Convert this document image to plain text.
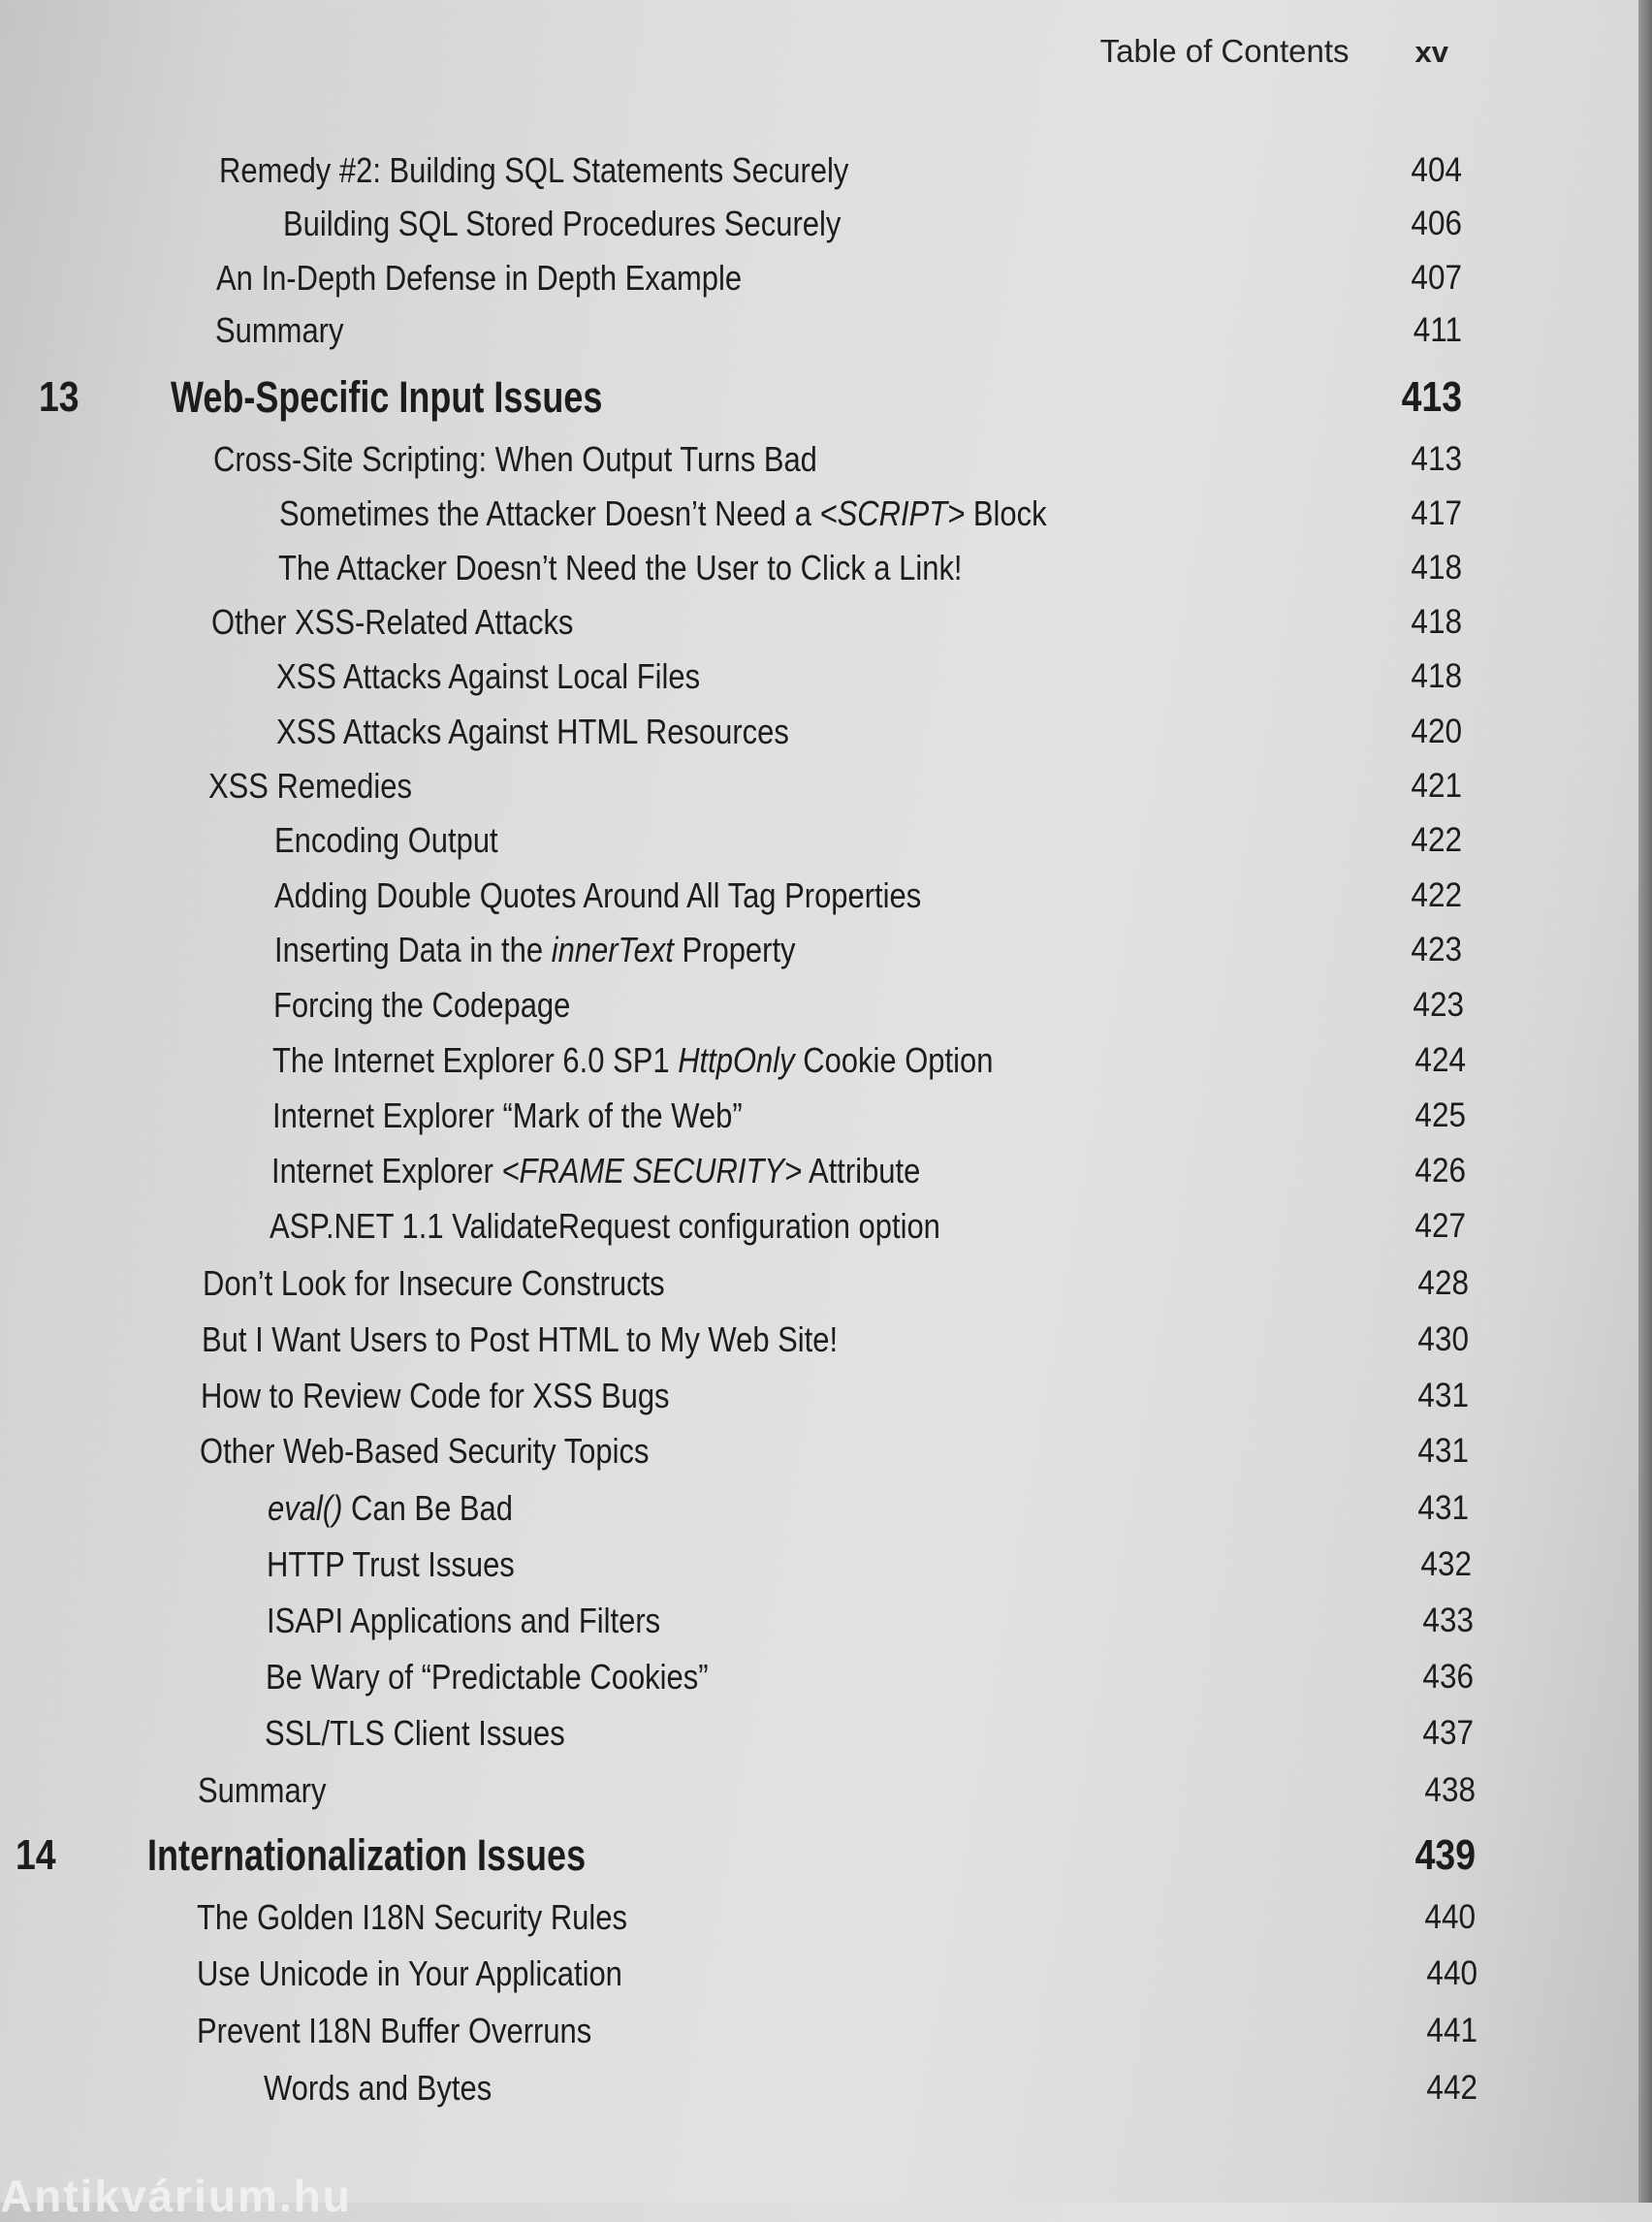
Table of Contents xv
Remedy #2: Building SQL Statements Securely	404
Building SQL Stored Procedures Securely	406
An In-Depth Defense in Depth Example	407
Summary	411
13 Web-Specific Input Issues	413
Cross-Site Scripting: When Output Turns Bad	413
Sometimes the Attacker Doesn’t Need a <SCRIPT> Block	417
The Attacker Doesn’t Need the User to Click a Link!	418
Other XSS-Related Attacks	418
XSS Attacks Against Local Files	418
XSS Attacks Against HTML Resources	420
XSS Remedies	421
Encoding Output	422
Adding Double Quotes Around All Tag Properties	422
Inserting Data in the innerText Property	423
Forcing the Codepage	423
The Internet Explorer 6.0 SP1 HttpOnly Cookie Option	424
Internet Explorer “Mark of the Web”	425
Internet Explorer <FRAME SECURITY> Attribute	426
ASP.NET 1.1 ValidateRequest configuration option	427
Don’t Look for Insecure Constructs	428
But I Want Users to Post HTML to My Web Site!	430
How to Review Code for XSS Bugs	431
Other Web-Based Security Topics	431
eval() Can Be Bad	431
HTTP Trust Issues	432
ISAPI Applications and Filters	433
Be Wary of “Predictable Cookies”	436
SSL/TLS Client Issues	437
Summary	438
14 Internationalization Issues	439
The Golden I18N Security Rules	440
Use Unicode in Your Application	440
Prevent I18N Buffer Overruns	441
Words and Bytes	442
Antikvárium.hu
